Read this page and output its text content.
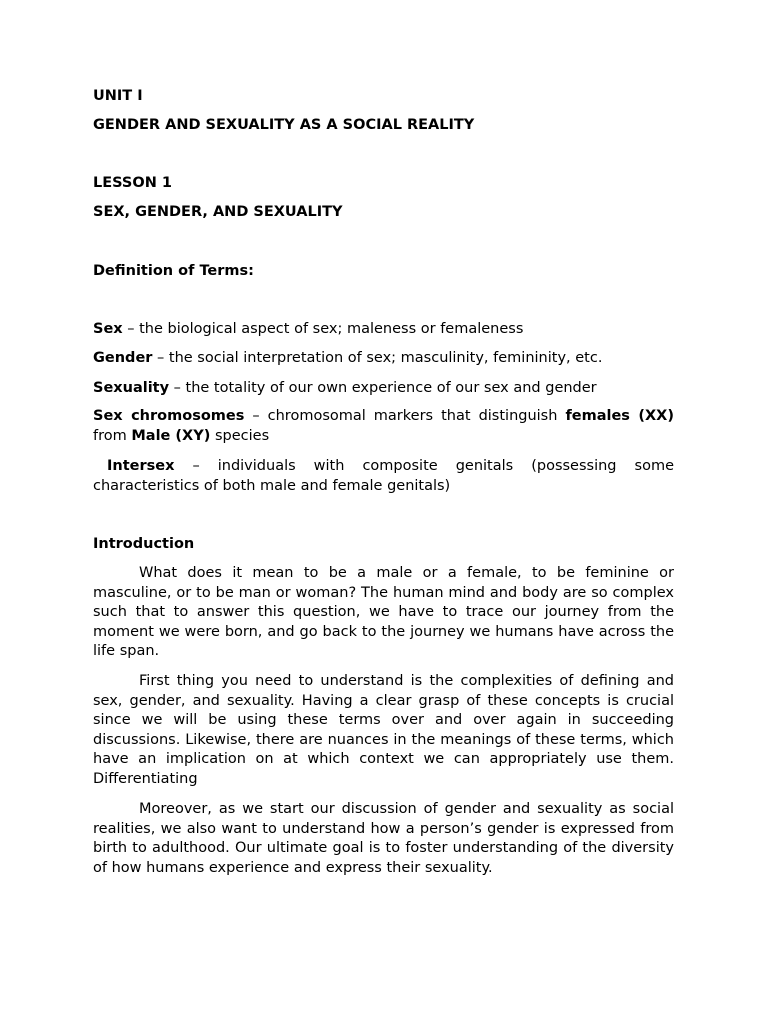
UNIT I
GENDER AND SEXUALITY AS A SOCIAL REALITY
LESSON 1
SEX, GENDER, AND SEXUALITY
Definition of Terms:
Sex – the biological aspect of sex; maleness or femaleness
Gender – the social interpretation of sex; masculinity, femininity, etc.
Sexuality – the totality of our own experience of our sex and gender
Sex chromosomes – chromosomal markers that distinguish females (XX) from Male (XY) species
Intersex – individuals with composite genitals (possessing some characteristics of both male and female genitals)
Introduction
What does it mean to be a male or a female, to be feminine or masculine, or to be man or woman? The human mind and body are so complex such that to answer this question, we have to trace our journey from the moment we were born, and go back to the journey we humans have across the life span.
First thing you need to understand is the complexities of defining and sex, gender, and sexuality. Having a clear grasp of these concepts is crucial since we will be using these terms over and over again in succeeding discussions. Likewise, there are nuances in the meanings of these terms, which have an implication on at which context we can appropriately use them. Differentiating
Moreover, as we start our discussion of gender and sexuality as social realities, we also want to understand how a person’s gender is expressed from birth to adulthood. Our ultimate goal is to foster understanding of the diversity of how humans experience and express their sexuality.
